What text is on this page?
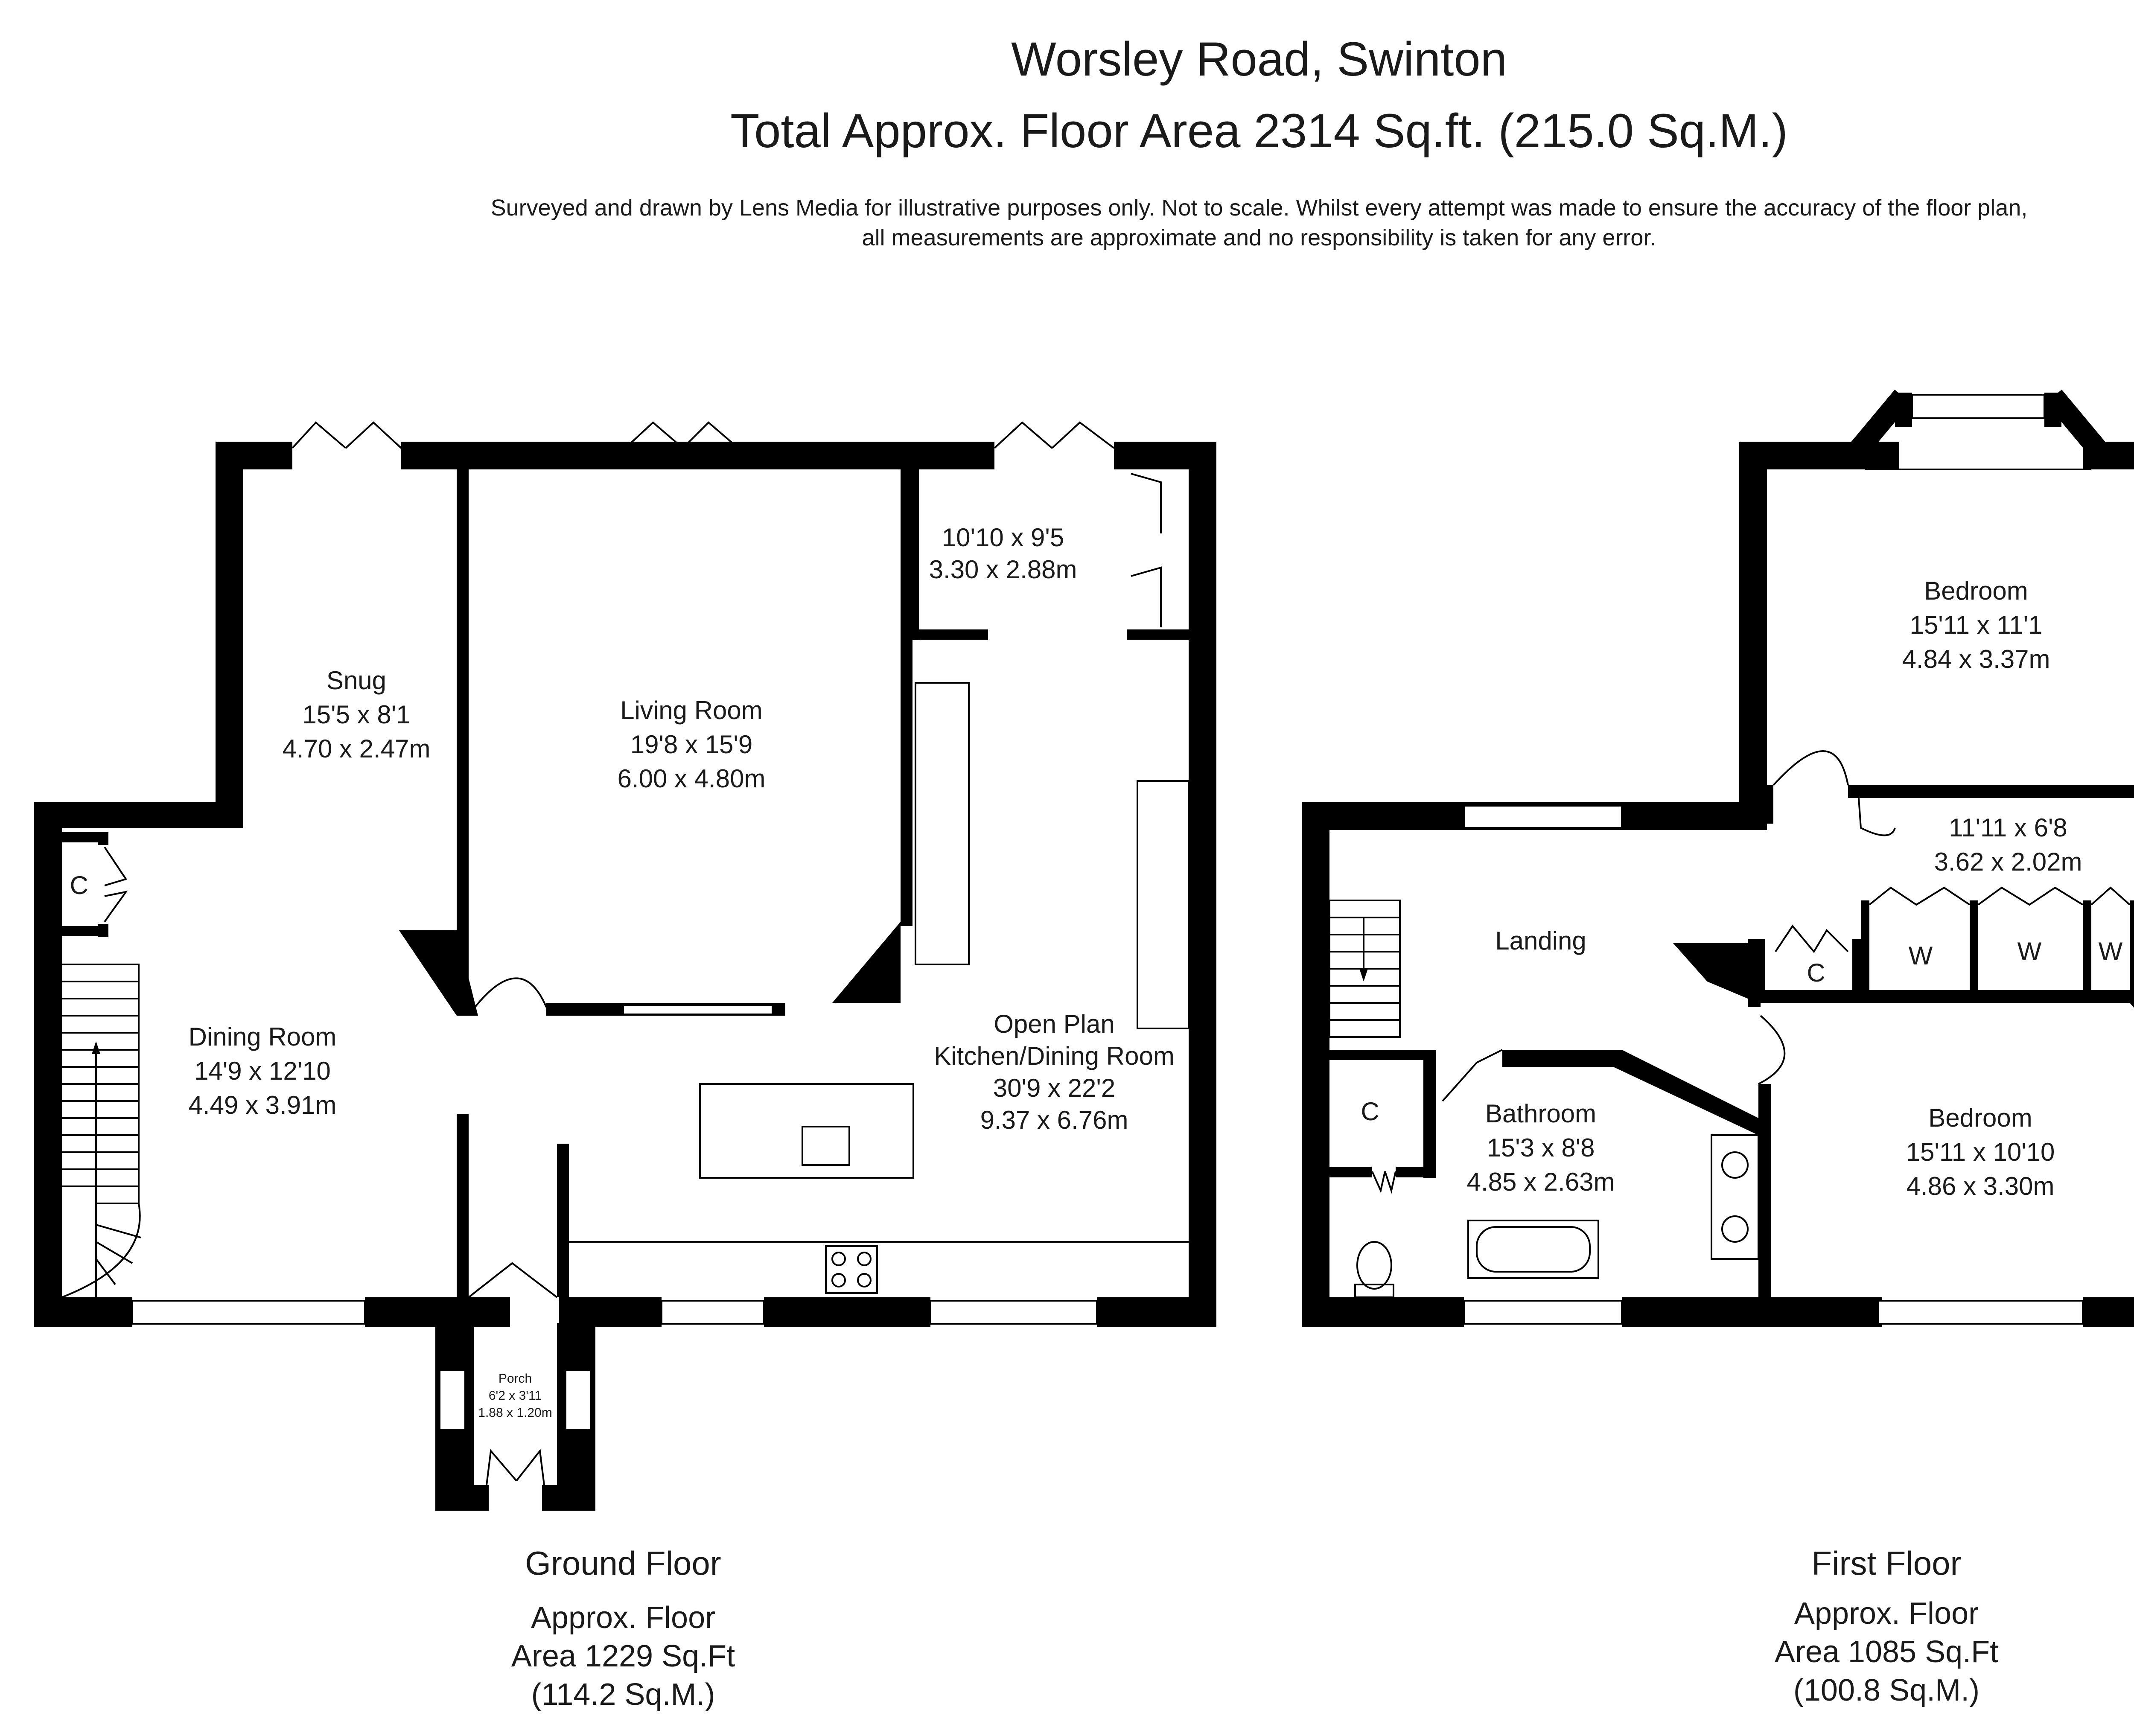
Worsley Road, Swinton
Total Approx. Floor Area 2314 Sq.ft. (215.0 Sq.M.)
Surveyed and drawn by Lens Media for illustrative purposes only. Not to scale. Whilst every attempt was made to ensure the accuracy of the floor plan,
all measurements are approximate and no responsibility is taken for any error.
C
Snug
15'5 x 8'1
4.70 x 2.47m
Living Room
19'8 x 15'9
6.00 x 4.80m
10'10 x 9'5
3.30 x 2.88m
Dining Room
14'9 x 12'10
4.49 x 3.91m
Open Plan
Kitchen/Dining Room
30'9 x 22'2
9.37 x 6.76m
Porch
6'2 x 3'11
1.88 x 1.20m
Ground Floor
Approx. Floor
Area 1229 Sq.Ft
(114.2 Sq.M.)
C
Bedroom
15'11 x 11'1
4.84 x 3.37m
11'11 x 6'8
3.62 x 2.02m
Landing
C
W	W W
Bathroom
15'3 x 8'8
4.85 x 2.63m
Bedroom
15'11 x 10'10
4.86 x 3.30m
First Floor
Approx. Floor
Area 1085 Sq.Ft
(100.8 Sq.M.)
